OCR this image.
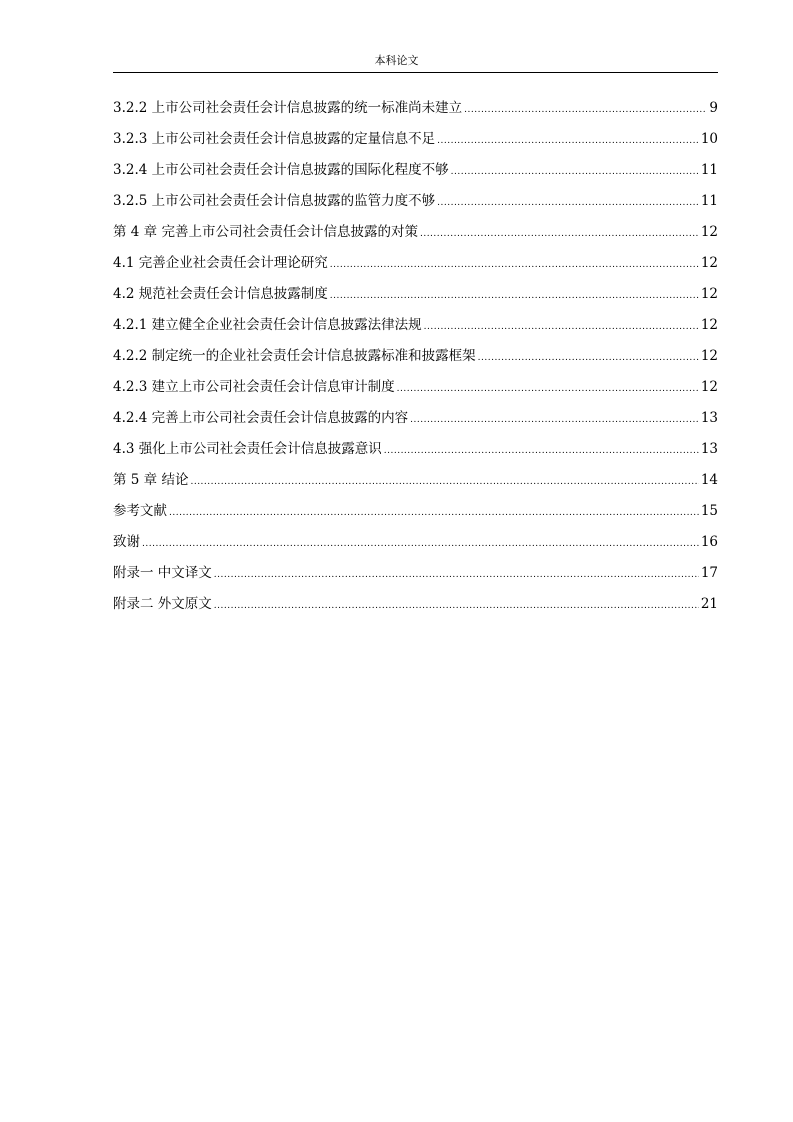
本科论文
3.2.2 上市公司社会责任会计信息披露的统一标准尚未建立 .....	9
3.2.3 上市公司社会责任会计信息披露的定量信息不足 .....	10
3.2.4 上市公司社会责任会计信息披露的国际化程度不够 .....	11
3.2.5 上市公司社会责任会计信息披露的监管力度不够 .....	11
第 4 章 完善上市公司社会责任会计信息披露的对策 .....	12
4.1 完善企业社会责任会计理论研究 .....	12
4.2 规范社会责任会计信息披露制度 .....	12
4.2.1 建立健全企业社会责任会计信息披露法律法规 .....	12
4.2.2 制定统一的企业社会责任会计信息披露标准和披露框架 .....	12
4.2.3 建立上市公司社会责任会计信息审计制度 .....	12
4.2.4 完善上市公司社会责任会计信息披露的内容 .....	13
4.3 强化上市公司社会责任会计信息披露意识 .....	13
第 5 章 结论 .....	14
参考文献 .....	15
致谢 .....	16
附录一 中文译文 .....	17
附录二 外文原文 .....	21
